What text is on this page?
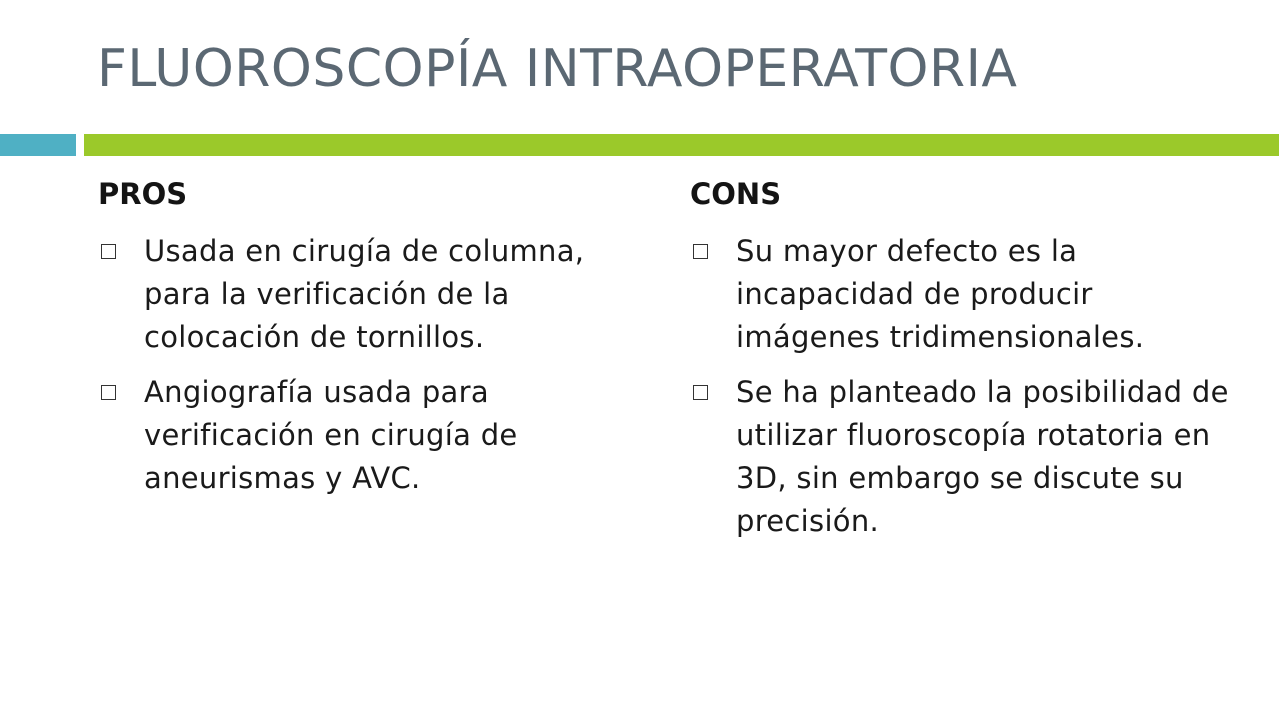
FLUOROSCOPÍA INTRAOPERATORIA
PROS
Usada en cirugía de columna, para la verificación de la colocación de tornillos.
Angiografía usada para verificación en cirugía de aneurismas y AVC.
CONS
Su mayor defecto es la incapacidad de producir imágenes tridimensionales.
Se ha planteado la posibilidad de utilizar fluoroscopía rotatoria en 3D, sin embargo se discute su precisión.
